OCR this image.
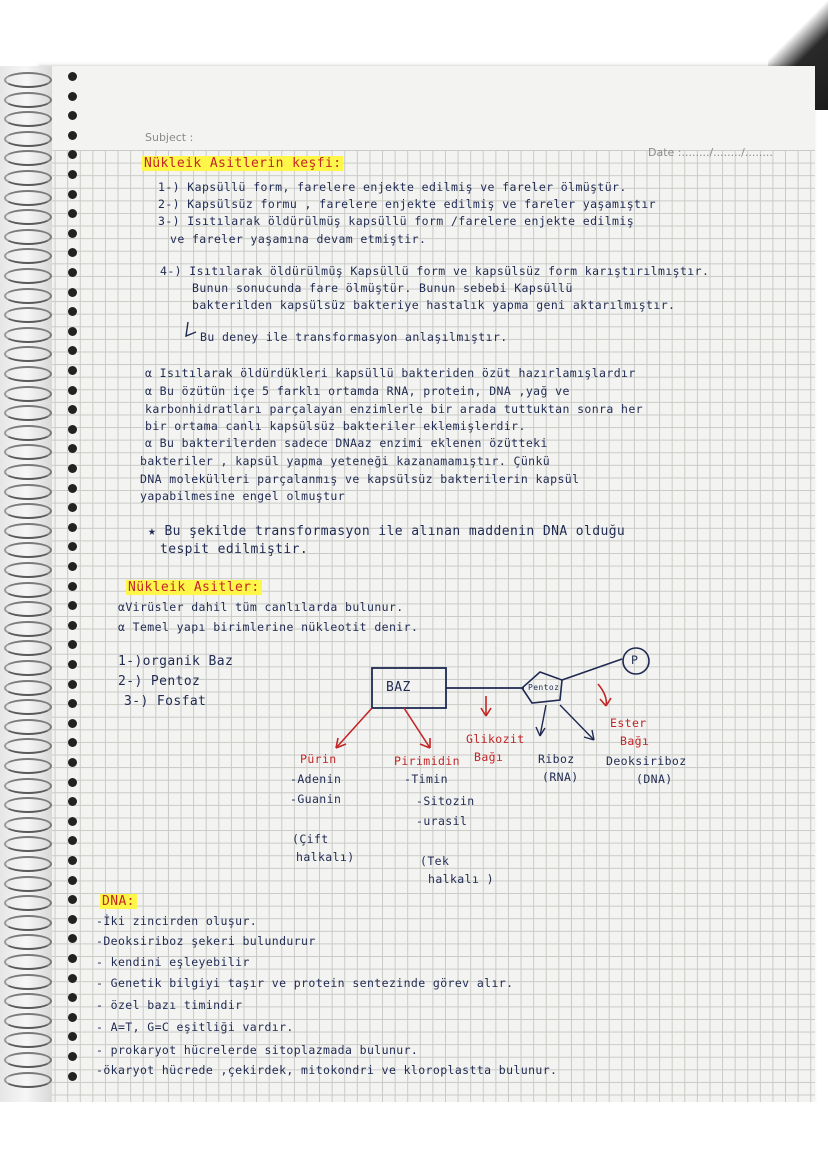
Subject :
Date :......../......../........
Nükleik Asitlerin keşfi:
1-) Kapsüllü form, farelere enjekte edilmiş ve fareler ölmüştür.
2-) Kapsülsüz formu , farelere enjekte edilmiş ve fareler yaşamıştır
3-) Isıtılarak öldürülmüş kapsüllü form /farelere enjekte edilmiş
ve fareler yaşamına devam etmiştir.
4-) Isıtılarak öldürülmüş Kapsüllü form ve kapsülsüz form karıştırılmıştır.
Bunun sonucunda fare ölmüştür. Bunun sebebi Kapsüllü
bakterilden kapsülsüz bakteriye hastalık yapma geni aktarılmıştır.
Bu deney ile transformasyon anlaşılmıştır.
α Isıtılarak öldürdükleri kapsüllü bakteriden özüt hazırlamışlardır
α Bu özütün içe 5 farklı ortamda RNA, protein, DNA ,yağ ve
karbonhidratları parçalayan enzimlerle bir arada tuttuktan sonra her
bir ortama canlı kapsülsüz bakteriler eklemişlerdir.
α Bu bakterilerden sadece DNAaz enzimi eklenen özütteki
bakteriler , kapsül yapma yeteneği kazanamamıştır. Çünkü
DNA molekülleri parçalanmış ve kapsülsüz bakterilerin kapsül
yapabilmesine engel olmuştur
★ Bu şekilde transformasyon ile alınan maddenin DNA olduğu
tespit edilmiştir.
Nükleik Asitler:
αVirüsler dahil tüm canlılarda bulunur.
α Temel yapı birimlerine nükleotit denir.
1-)organik Baz
2-) Pentoz
3-) Fosfat
BAZ	Pentoz
P
Glikozit
Bağı
Ester
Bağı
Pürin
-Adenin
-Guanin
(Çift
halkalı)
Pirimidin
-Timin
-Sitozin
-urasil
(Tek
halkalı )
Riboz
(RNA)
Deoksiriboz
(DNA)
DNA:
-İki zincirden oluşur.
-Deoksiriboz şekeri bulundurur
- kendini eşleyebilir
- Genetik bilgiyi taşır ve protein sentezinde görev alır.
- özel bazı timindir
- A=T, G=C eşitliği vardır.
- prokaryot hücrelerde sitoplazmada bulunur.
-ökaryot hücrede ,çekirdek, mitokondri ve kloroplastta bulunur.
